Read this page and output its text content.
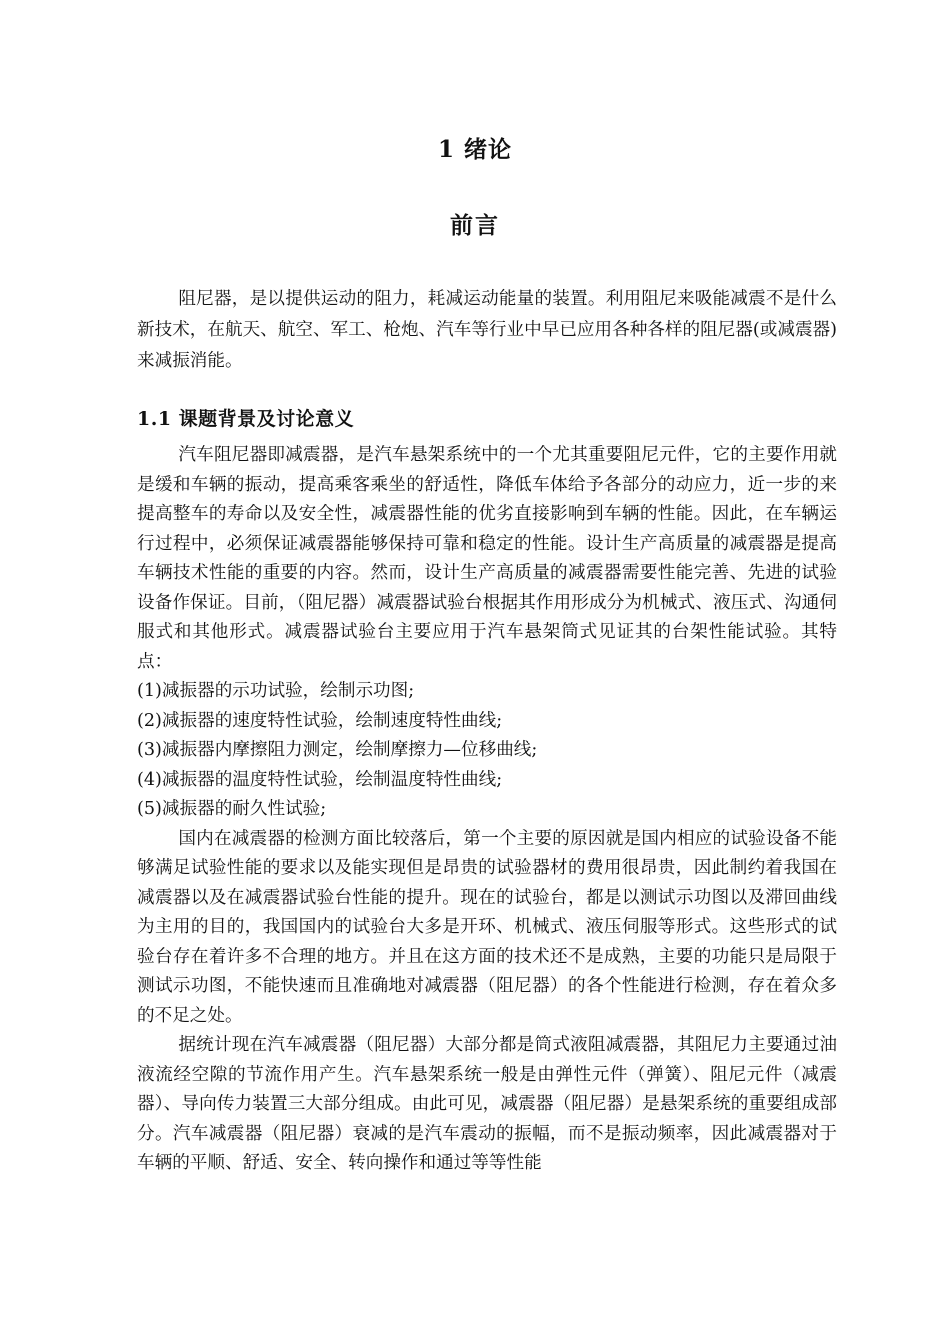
1 绪论
前言

阻尼器，是以提供运动的阻力，耗减运动能量的装置。利用阻尼来吸能减震不是什么新技术，在航天、航空、军工、枪炮、汽车等行业中早已应用各种各样的阻尼器(或减震器)来减振消能。

1.1 课题背景及讨论意义

汽车阻尼器即减震器，是汽车悬架系统中的一个尤其重要阻尼元件，它的主要作用就是缓和车辆的振动，提高乘客乘坐的舒适性，降低车体给予各部分的动应力，近一步的来提高整车的寿命以及安全性，减震器性能的优劣直接影响到车辆的性能。因此，在车辆运行过程中，必须保证减震器能够保持可靠和稳定的性能。设计生产高质量的减震器是提高车辆技术性能的重要的内容。然而，设计生产高质量的减震器需要性能完善、先进的试验设备作保证。目前，（阻尼器）减震器试验台根据其作用形成分为机械式、液压式、沟通伺服式和其他形式。减震器试验台主要应用于汽车悬架筒式见证其的台架性能试验。其特点：

(1)减振器的示功试验，绘制示功图;

(2)减振器的速度特性试验，绘制速度特性曲线;

(3)减振器内摩擦阻力测定，绘制摩擦力—位移曲线;

(4)减振器的温度特性试验，绘制温度特性曲线;

(5)减振器的耐久性试验;

国内在减震器的检测方面比较落后，第一个主要的原因就是国内相应的试验设备不能够满足试验性能的要求以及能实现但是昂贵的试验器材的费用很昂贵，因此制约着我国在减震器以及在减震器试验台性能的提升。现在的试验台，都是以测试示功图以及滞回曲线为主用的目的，我国国内的试验台大多是开环、机械式、液压伺服等形式。这些形式的试验台存在着许多不合理的地方。并且在这方面的技术还不是成熟，主要的功能只是局限于测试示功图，不能快速而且准确地对减震器（阻尼器）的各个性能进行检测，存在着众多的不足之处。

据统计现在汽车减震器（阻尼器）大部分都是筒式液阻减震器，其阻尼力主要通过油液流经空隙的节流作用产生。汽车悬架系统一般是由弹性元件（弹簧）、阻尼元件（减震器）、导向传力装置三大部分组成。由此可见，减震器（阻尼器）是悬架系统的重要组成部分。汽车减震器（阻尼器）衰减的是汽车震动的振幅，而不是振动频率，因此减震器对于车辆的平顺、舒适、安全、转向操作和通过等等性能
